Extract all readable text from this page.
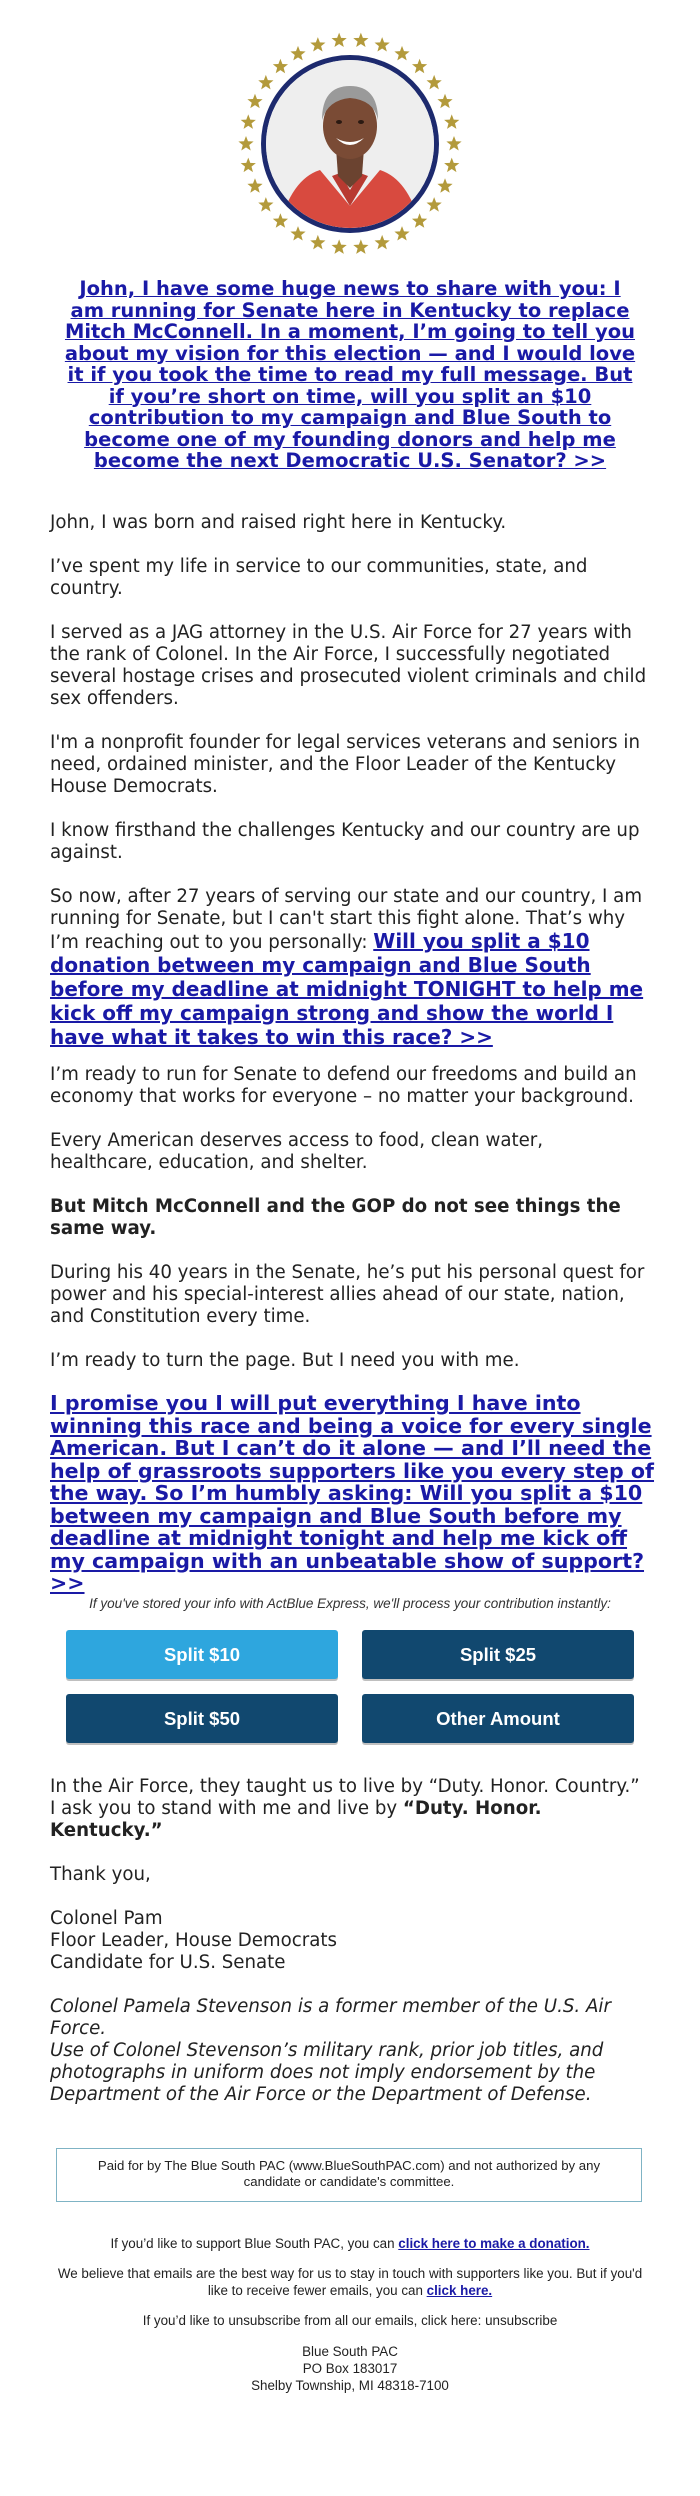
John, I have some huge news to share with you: I am running for Senate here in Kentucky to replace Mitch McConnell. In a moment, I’m going to tell you about my vision for this election — and I would love it if you took the time to read my full message. But if you’re short on time, will you split an $10 contribution to my campaign and Blue South to become one of my founding donors and help me become the next Democratic U.S. Senator? >>

John, I was born and raised right here in Kentucky.

I’ve spent my life in service to our communities, state, and country.

I served as a JAG attorney in the U.S. Air Force for 27 years with the rank of Colonel. In the Air Force, I successfully negotiated several hostage crises and prosecuted violent criminals and child sex offenders.

I'm a nonprofit founder for legal services veterans and seniors in need, ordained minister, and the Floor Leader of the Kentucky House Democrats.

I know firsthand the challenges Kentucky and our country are up against.

So now, after 27 years of serving our state and our country, I am running for Senate, but I can't start this fight alone. That’s why I’m reaching out to you personally: Will you split a $10 donation between my campaign and Blue South before my deadline at midnight TONIGHT to help me kick off my campaign strong and show the world I have what it takes to win this race? >>

I’m ready to run for Senate to defend our freedoms and build an economy that works for everyone – no matter your background.

Every American deserves access to food, clean water, healthcare, education, and shelter.

But Mitch McConnell and the GOP do not see things the same way.

During his 40 years in the Senate, he’s put his personal quest for power and his special-interest allies ahead of our state, nation, and Constitution every time.

I’m ready to turn the page. But I need you with me.

I promise you I will put everything I have into winning this race and being a voice for every single American. But I can’t do it alone — and I’ll need the help of grassroots supporters like you every step of the way. So I’m humbly asking: Will you split a $10 between my campaign and Blue South before my deadline at midnight tonight and help me kick off my campaign with an unbeatable show of support? >>
If you've stored your info with ActBlue Express, we'll process your contribution instantly:
Split $10	Split $25
Split $50	Other Amount

In the Air Force, they taught us to live by “Duty. Honor. Country.” I ask you to stand with me and live by “Duty. Honor. Kentucky.”

Thank you,

Colonel Pam

Floor Leader, House Democrats

Candidate for U.S. Senate

Colonel Pamela Stevenson is a former member of the U.S. Air Force.

Use of Colonel Stevenson’s military rank, prior job titles, and photographs in uniform does not imply endorsement by the Department of the Air Force or the Department of Defense.

Paid for by The Blue South PAC (www.BlueSouthPAC.com) and not authorized by any candidate or candidate's committee.
If you’d like to support Blue South PAC, you can click here to make a donation.
We believe that emails are the best way for us to stay in touch with supporters like you. But if you'd like to receive fewer emails, you can click here.
If you’d like to unsubscribe from all our emails, click here: unsubscribe
Blue South PAC
PO Box 183017
Shelby Township, MI 48318-7100
